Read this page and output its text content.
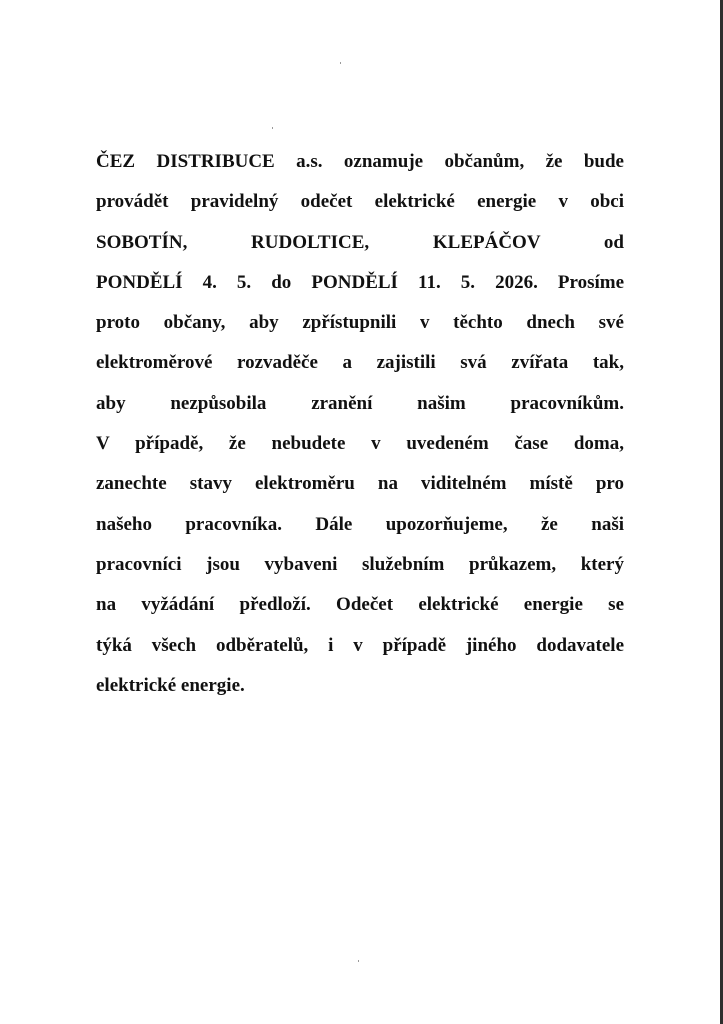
ČEZ DISTRIBUCE a.s. oznamuje občanům, že bude
provádět pravidelný odečet elektrické energie v obci
SOBOTÍN, RUDOLTICE, KLEPÁČOV od
PONDĚLÍ 4. 5. do PONDĚLÍ 11. 5. 2026. Prosíme
proto občany, aby zpřístupnili v těchto dnech své
elektroměrové rozvaděče a zajistili svá zvířata tak,
aby nezpůsobila zranění našim pracovníkům.
V případě, že nebudete v uvedeném čase doma,
zanechte stavy elektroměru na viditelném místě pro
našeho pracovníka. Dále upozorňujeme, že naši
pracovníci jsou vybaveni služebním průkazem, který
na vyžádání předloží. Odečet elektrické energie se
týká všech odběratelů, i v případě jiného dodavatele
elektrické energie.
